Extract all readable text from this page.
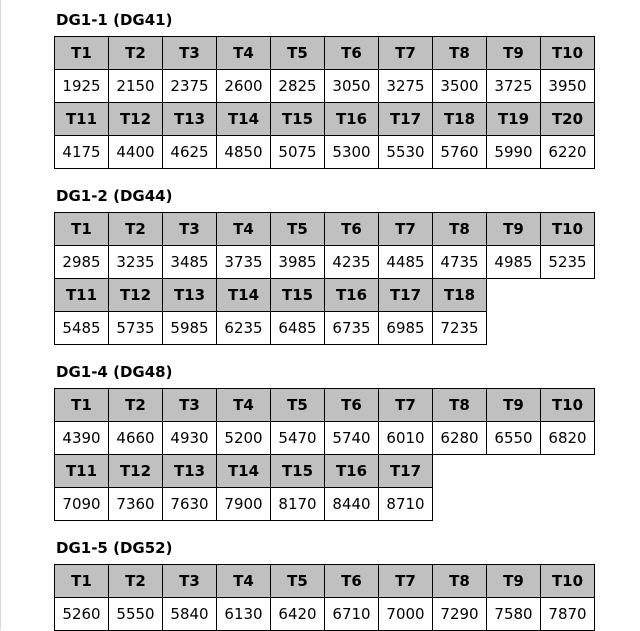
DG1-1 (DG41)
T1	T2	T3	T4	T5	T6	T7	T8	T9	T10
1925	2150	2375	2600	2825	3050	3275	3500	3725	3950
T11	T12	T13	T14	T15	T16	T17	T18	T19	T20
4175	4400	4625	4850	5075	5300	5530	5760	5990	6220
DG1-2 (DG44)
T1	T2	T3	T4	T5	T6	T7	T8	T9	T10
2985	3235	3485	3735	3985	4235	4485	4735	4985	5235
T11	T12	T13	T14	T15	T16	T17	T18		
5485	5735	5985	6235	6485	6735	6985	7235		
DG1-4 (DG48)
T1	T2	T3	T4	T5	T6	T7	T8	T9	T10
4390	4660	4930	5200	5470	5740	6010	6280	6550	6820
T11	T12	T13	T14	T15	T16	T17			
7090	7360	7630	7900	8170	8440	8710			
DG1-5 (DG52)
T1	T2	T3	T4	T5	T6	T7	T8	T9	T10
5260	5550	5840	6130	6420	6710	7000	7290	7580	7870
